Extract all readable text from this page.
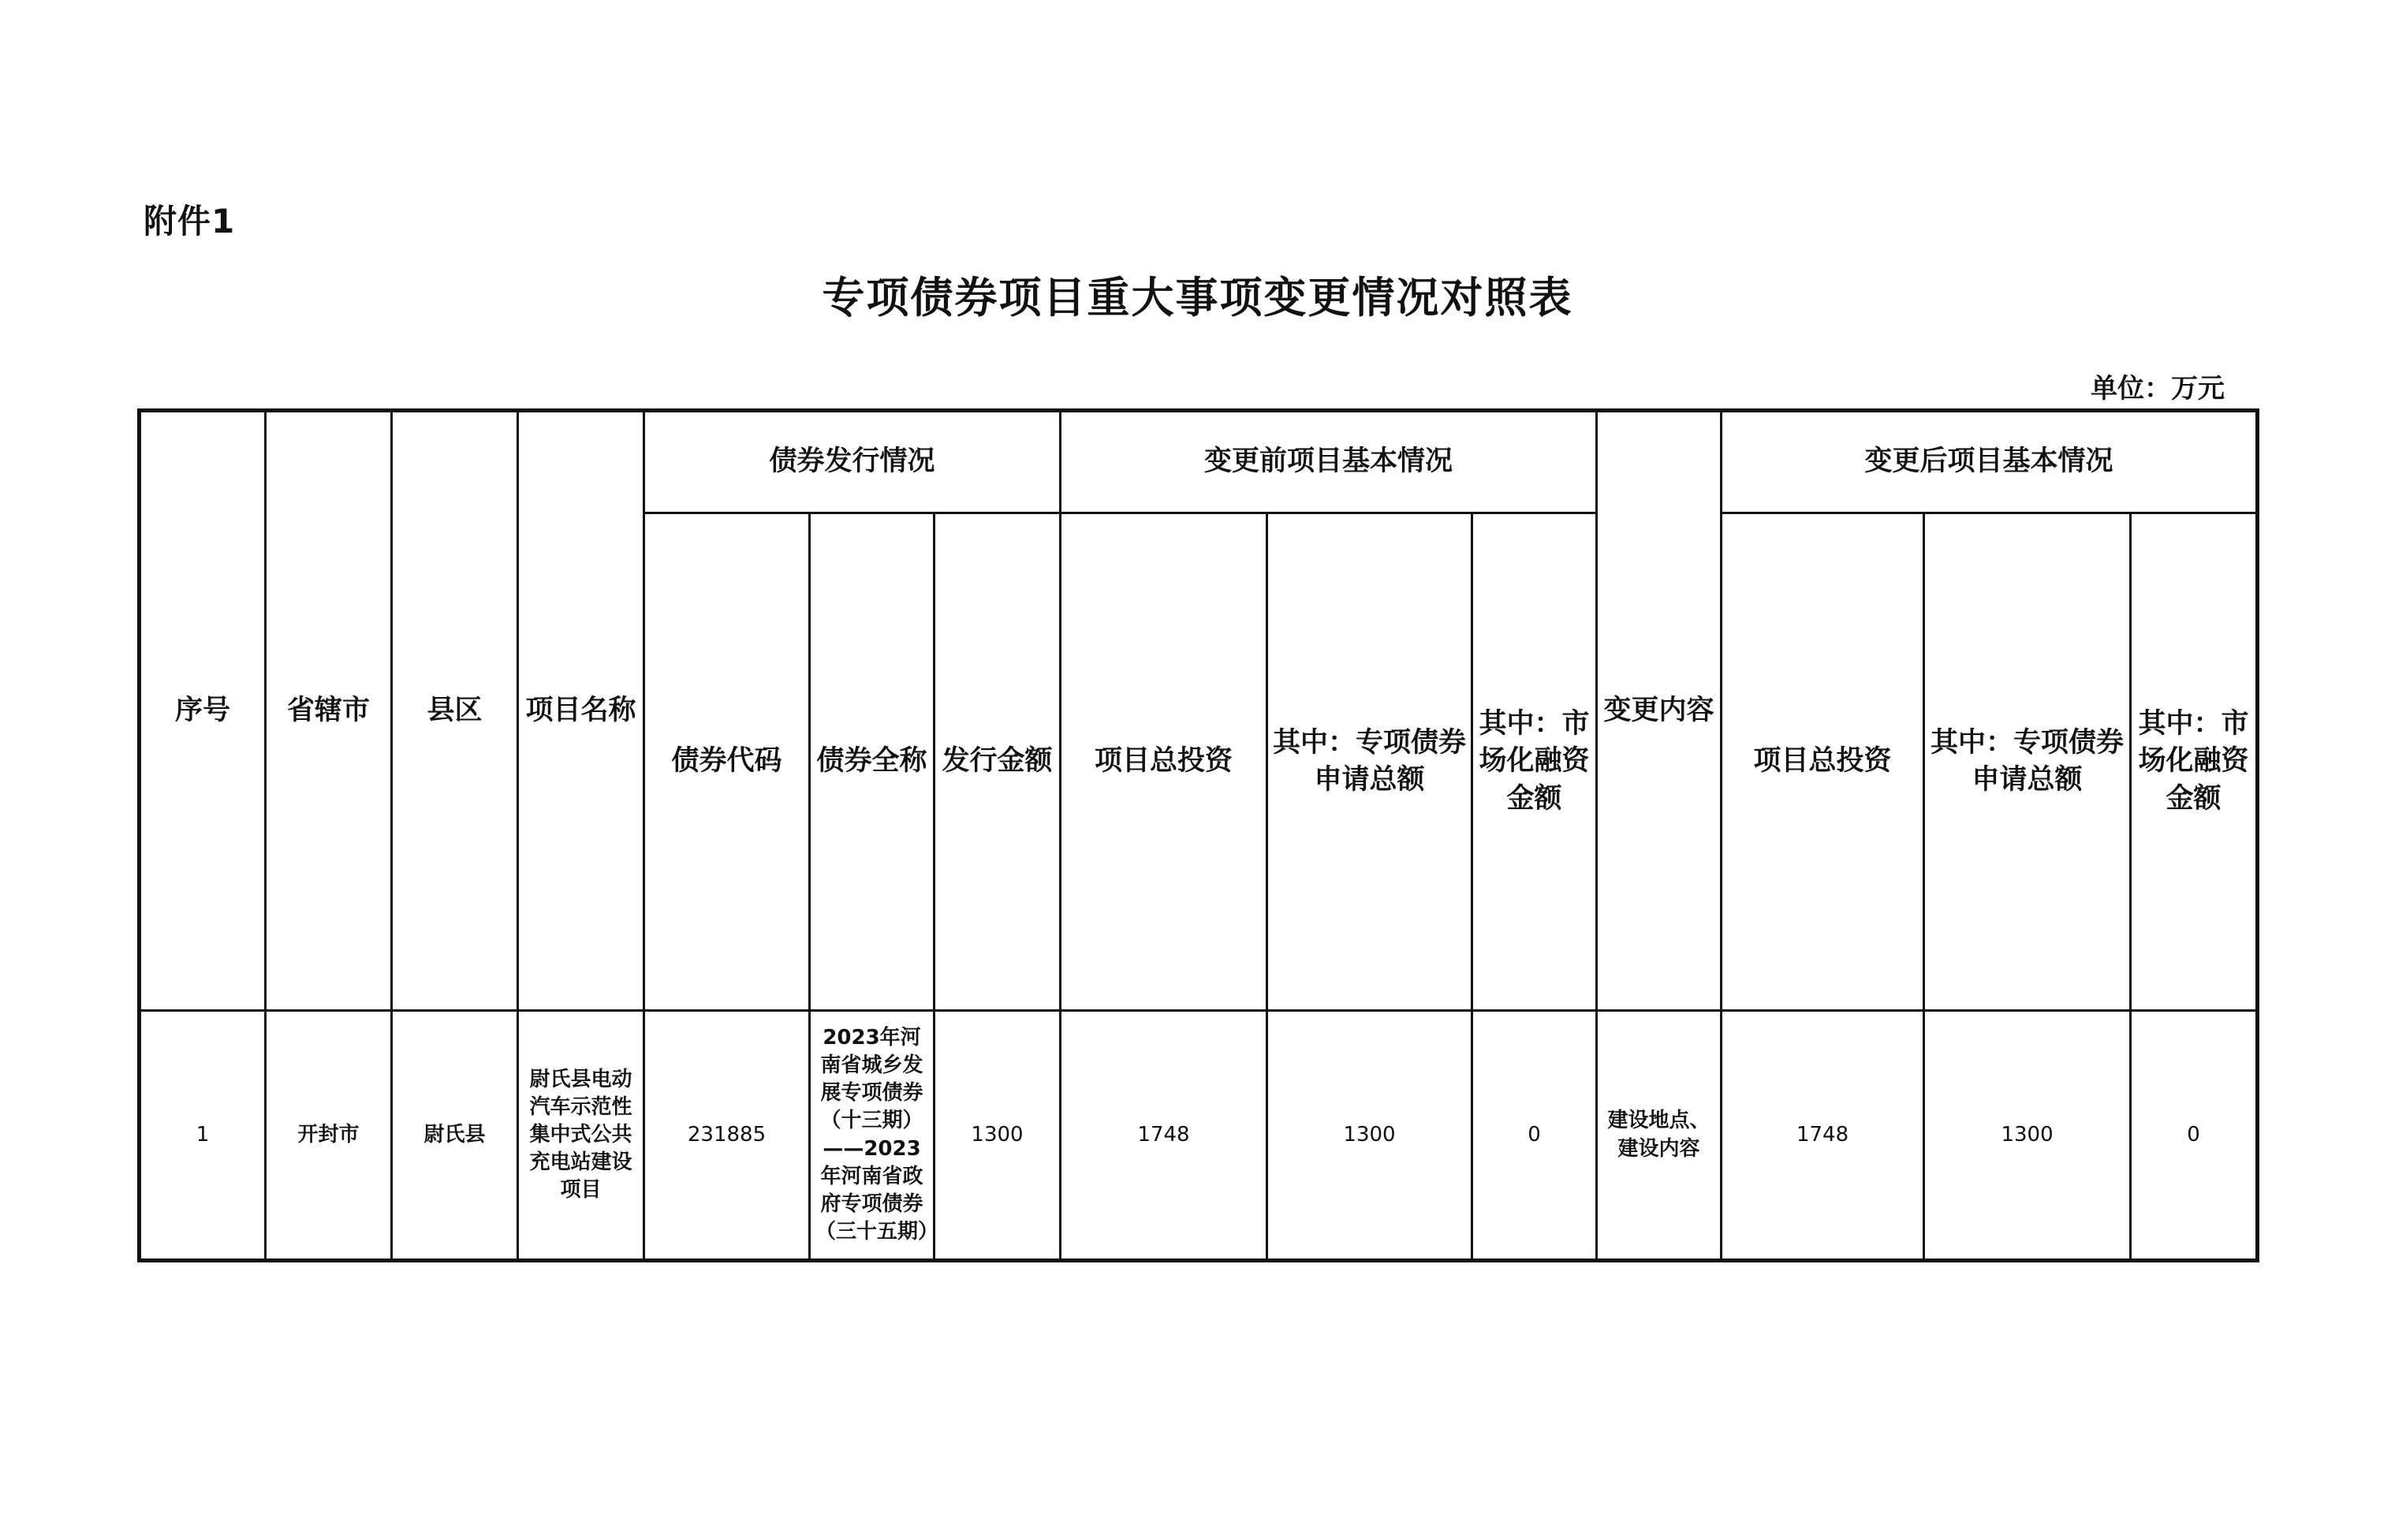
附件1
专项债券项目重大事项变更情况对照表
单位：万元
序号	省辖市	县区	项目名称	债券发行情况			变更前项目基本情况			变更内容	变更后项目基本情况		
				债券代码	债券全称	发行金额	项目总投资	其中：专项债券申请总额	其中：市场化融资金额		项目总投资	其中：专项债券申请总额	其中：市场化融资金额
1	开封市	尉氏县	尉氏县电动汽车示范性集中式公共充电站建设项目	231885	2023年河南省城乡发展专项债券（十三期）——2023年河南省政府专项债券（三十五期）	1300	1748	1300	0	建设地点、建设内容	1748	1300	0
